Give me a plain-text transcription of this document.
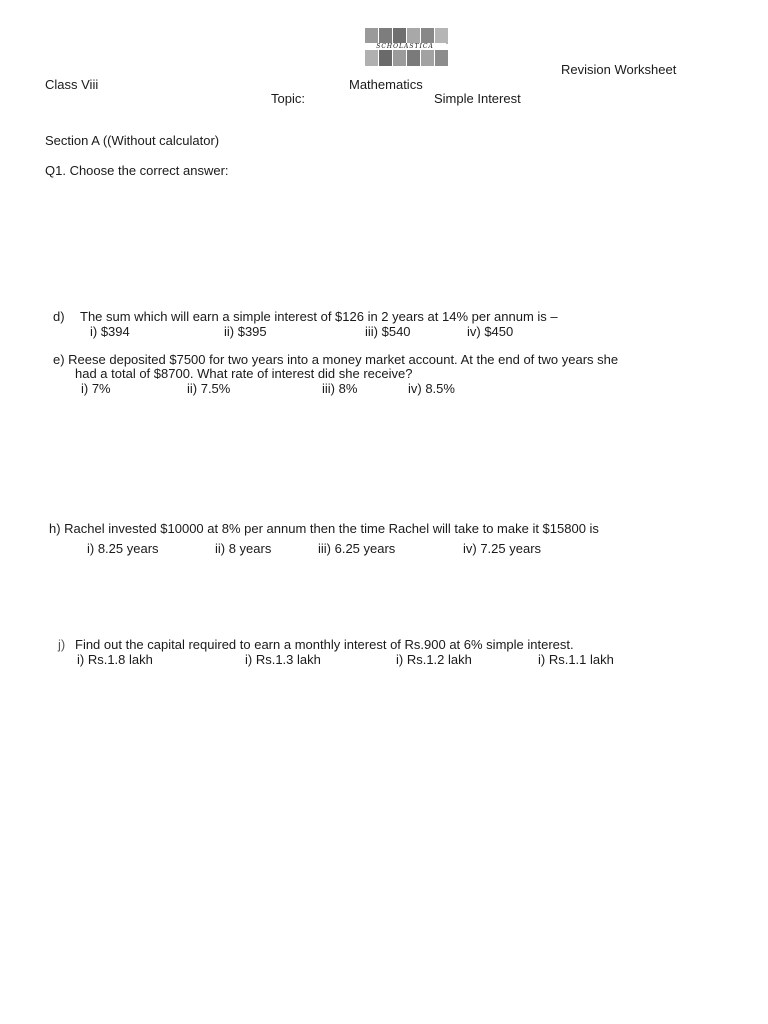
SCHOLASTICA
Revision Worksheet
Class Viii	Mathematics
Topic:	Simple Interest
Section A ((Without calculator)
Q1. Choose the correct answer:
d) The sum which will earn a simple interest of $126 in 2 years at 14% per annum is –
i) $394	ii) $395	iii) $540	iv) $450
e) Reese deposited $7500 for two years into a money market account. At the end of two years she
had a total of $8700. What rate of interest did she receive?
i) 7%	ii) 7.5%	iii) 8%	iv) 8.5%
h) Rachel invested $10000 at 8% per annum then the time Rachel will take to make it $15800 is
i) 8.25 years	ii) 8 years	iii) 6.25 years	iv) 7.25 years
j) Find out the capital required to earn a monthly interest of Rs.900 at 6% simple interest.
i) Rs.1.8 lakh	i) Rs.1.3 lakh	i) Rs.1.2 lakh	i) Rs.1.1 lakh
